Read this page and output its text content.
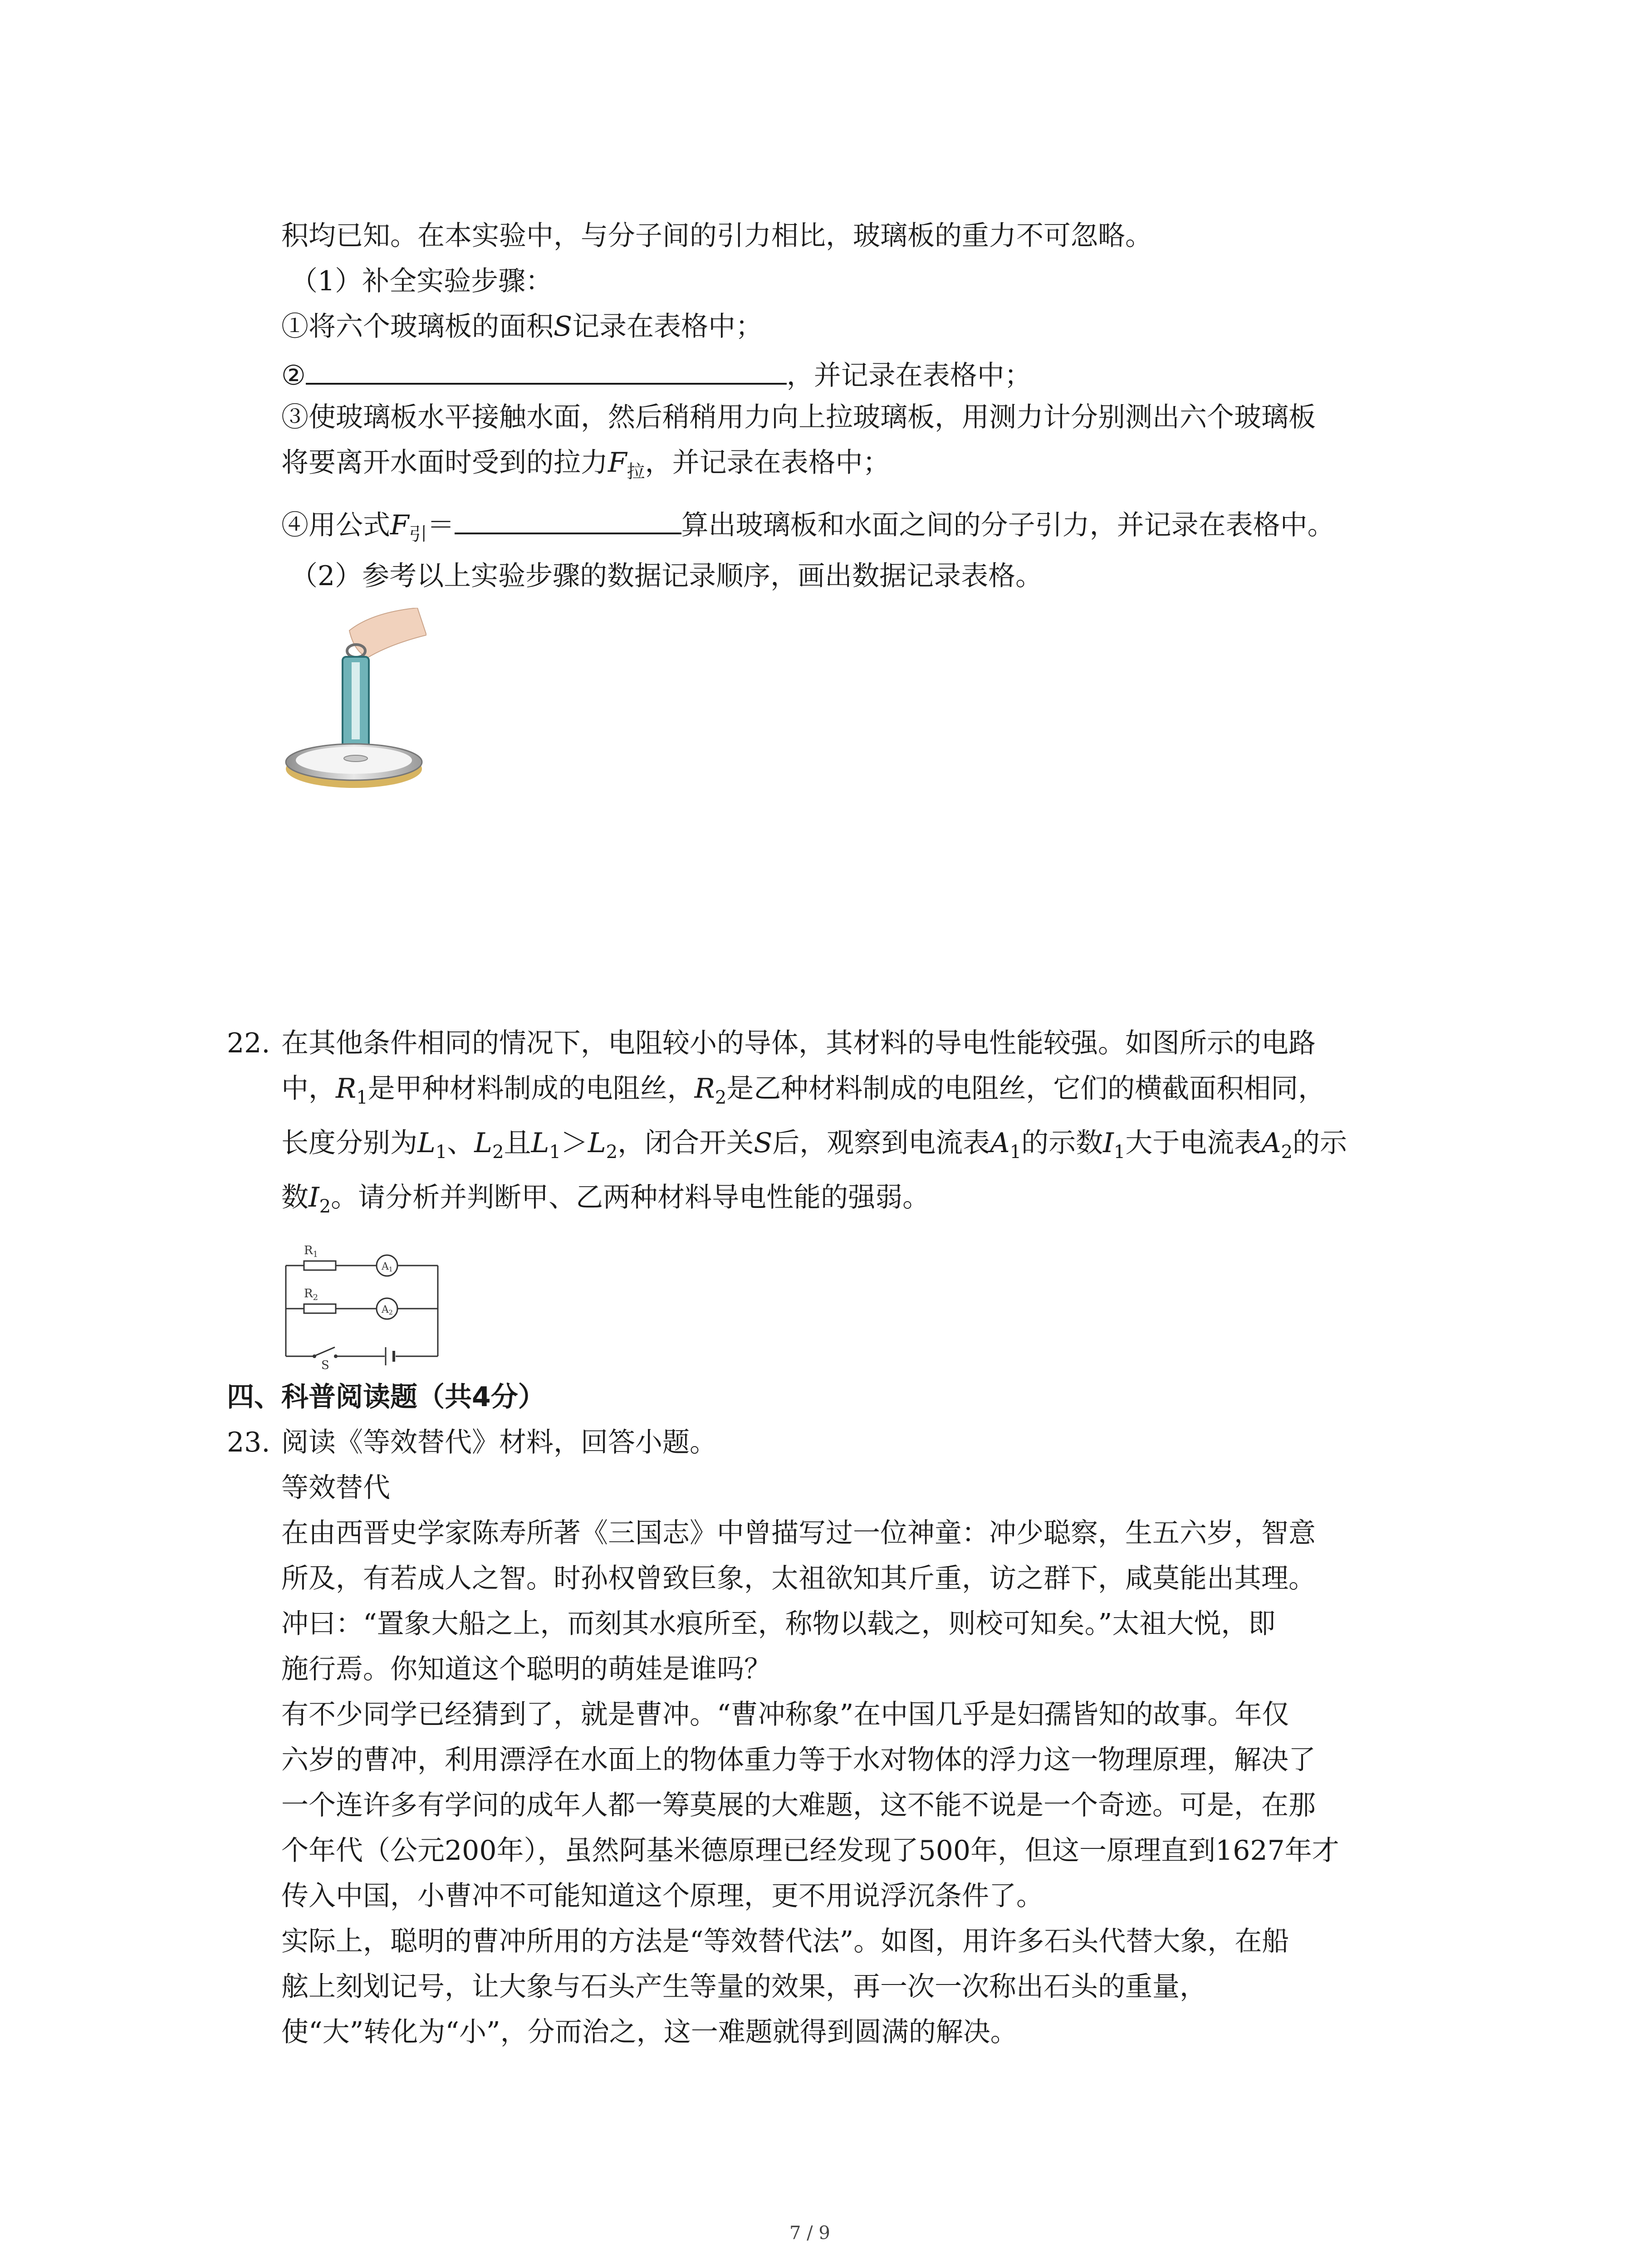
积均已知。在本实验中，与分子间的引力相比，玻璃板的重力不可忽略。
（1）补全实验步骤：
①将六个玻璃板的面积S记录在表格中；
②	，并记录在表格中；
③使玻璃板水平接触水面，然后稍稍用力向上拉玻璃板，用测力计分别测出六个玻璃板
将要离开水面时受到的拉力$F_拉$，并记录在表格中；
④用公式$F_引=$	算出玻璃板和水面之间的分子引力，并记录在表格中。
（2）参考以上实验步骤的数据记录顺序，画出数据记录表格。
22. 在其他条件相同的情况下，电阻较小的导体，其材料的导电性能较强。如图所示的电路
中，$R_1$是甲种材料制成的电阻丝，$R_2$是乙种材料制成的电阻丝，它们的横截面积相同，
长度分别为$L_1$、$L_2$且$L_1>L_2$，闭合开关S后，观察到电流表$A_1$的示数$I_1$大于电流表$A_2$的示
数$I_2$。请分析并判断甲、乙两种材料导电性能的强弱。
$R_1$
$R_2$
A1
A2
S
四、科普阅读题（共4分）
23. 阅读《等效替代》材料，回答小题。
等效替代
在由西晋史学家陈寿所著《三国志》中曾描写过一位神童：冲少聪察，生五六岁，智意
所及，有若成人之智。时孙权曾致巨象，太祖欲知其斤重，访之群下，咸莫能出其理。
冲曰：“置象大船之上，而刻其水痕所至，称物以载之，则校可知矣。”太祖大悦，即
施行焉。你知道这个聪明的萌娃是谁吗？
有不少同学已经猜到了，就是曹冲。“曹冲称象”在中国几乎是妇孺皆知的故事。年仅
六岁的曹冲，利用漂浮在水面上的物体重力等于水对物体的浮力这一物理原理，解决了
一个连许多有学问的成年人都一筹莫展的大难题，这不能不说是一个奇迹。可是，在那
个年代（公元200年），虽然阿基米德原理已经发现了500年，但这一原理直到1627年才
传入中国，小曹冲不可能知道这个原理，更不用说浮沉条件了。
实际上，聪明的曹冲所用的方法是“等效替代法”。如图，用许多石头代替大象，在船
舷上刻划记号，让大象与石头产生等量的效果，再一次一次称出石头的重量，
使“大”转化为“小”，分而治之，这一难题就得到圆满的解决。
7 / 9
